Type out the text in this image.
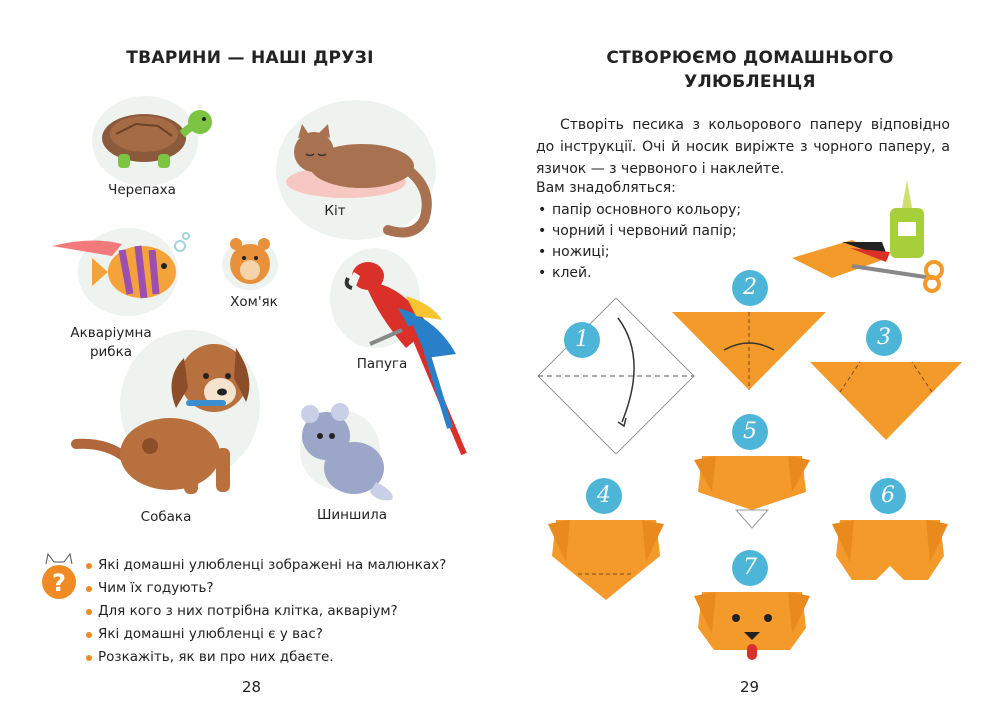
ТВАРИНИ — НАШІ ДРУЗІ
Черепаха
Кіт
Акваріумна
рибка
Хом'як
Папуга
Собака	Шиншила
?
Які домашні улюбленці зображені на малюнках?
Чим їх годують?
Для кого з них потрібна клітка, акваріум?
Які домашні улюбленці є у вас?
Розкажіть, як ви про них дбаєте.
28
СТВОРЮЄМО ДОМАШНЬОГО
УЛЮБЛЕНЦЯ

Створіть песика з кольорового паперу відповідно до інструкції. Очі й носик виріжте з чорного паперу, а язичок — з червоного і наклейте.

Вам знадобляться:
• папір основного кольору;
• чорний і червоний папір;
• ножиці;
• клей.
1
2
3
5
4	6
7
29
